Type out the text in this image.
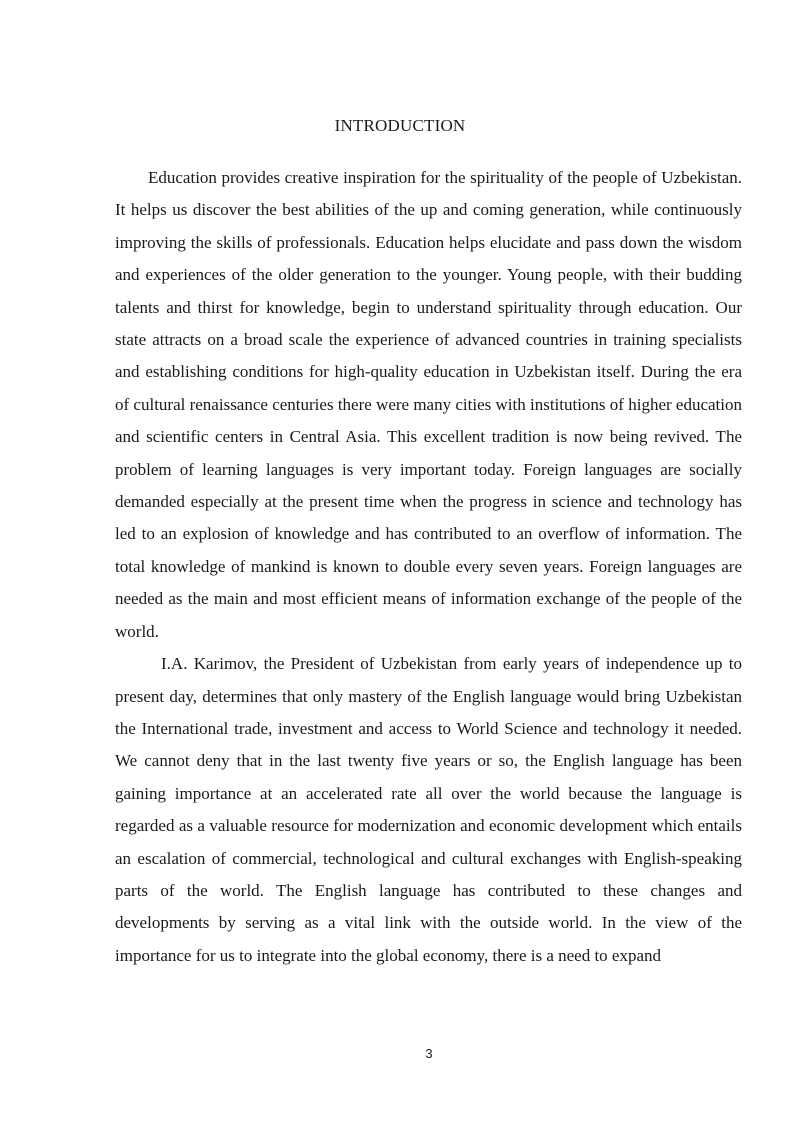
INTRODUCTION

Education provides creative inspiration for the spirituality of the people of Uzbekistan. It helps us discover the best abilities of the up and coming generation, while continuously improving the skills of professionals. Education helps elucidate and pass down the wisdom and experiences of the older generation to the younger. Young people, with their budding talents and thirst for knowledge, begin to understand spirituality through education. Our state attracts on a broad scale the experience of advanced countries in training specialists and establishing conditions for high-quality education in Uzbekistan itself. During the era of cultural renaissance centuries there were many cities with institutions of higher education and scientific centers in Central Asia. This excellent tradition is now being revived. The problem of learning languages is very important today. Foreign languages are socially demanded especially at the present time when the progress in science and technology has led to an explosion of knowledge and has contributed to an overflow of information. The total knowledge of mankind is known to double every seven years. Foreign languages are needed as the main and most efficient means of information exchange of the people of the world.

I.A. Karimov, the President of Uzbekistan from early years of independence up to present day, determines that only mastery of the English language would bring Uzbekistan the International trade, investment and access to World Science and technology it needed. We cannot deny that in the last twenty five years or so, the English language has been gaining importance at an accelerated rate all over the world because the language is regarded as a valuable resource for modernization and economic development which entails an escalation of commercial, technological and cultural exchanges with English-speaking parts of the world. The English language has contributed to these changes and developments by serving as a vital link with the outside world. In the view of the importance for us to integrate into the global economy, there is a need to expand

3
